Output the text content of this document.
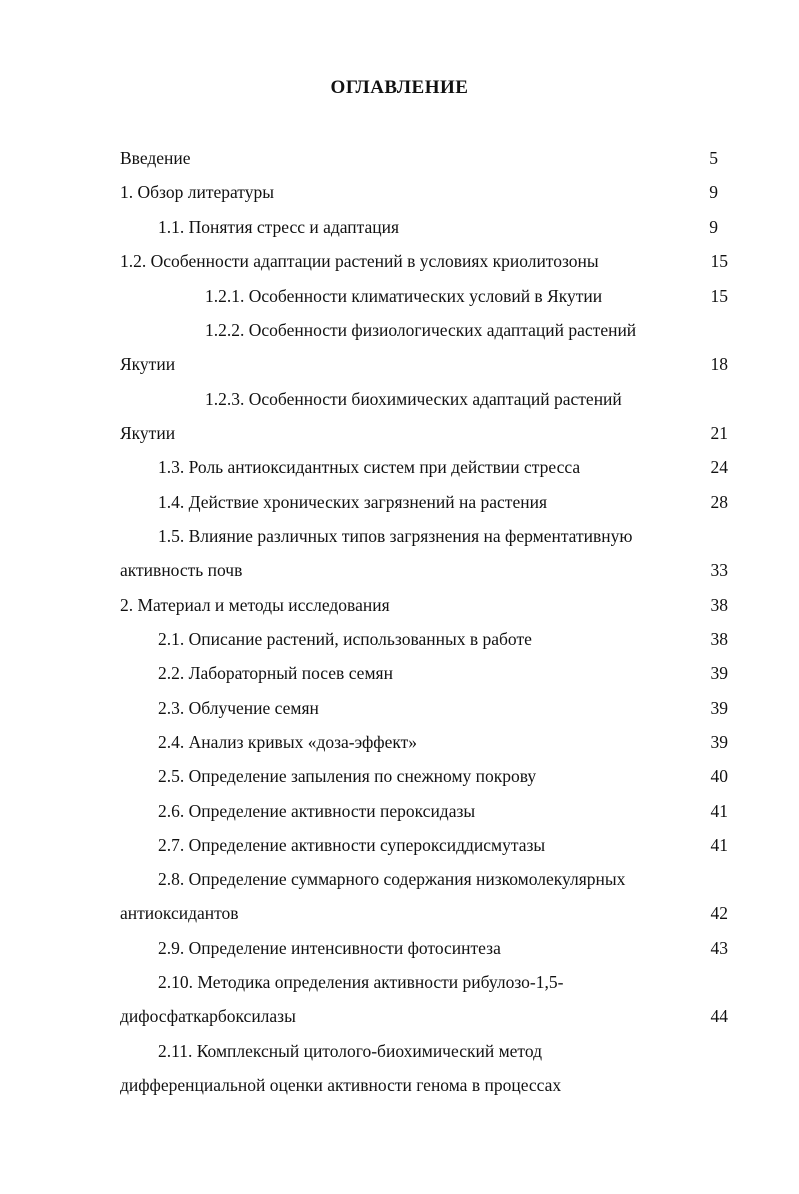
ОГЛАВЛЕНИЕ
Введение	5
1. Обзор литературы	9
1.1. Понятия стресс и адаптация	9
1.2. Особенности адаптации растений в условиях криолитозоны	15
1.2.1. Особенности климатических условий в Якутии	15
1.2.2. Особенности физиологических адаптаций растений
Якутии	18
1.2.3. Особенности биохимических адаптаций растений
Якутии	21
1.3. Роль антиоксидантных систем при действии стресса	24
1.4. Действие хронических загрязнений на растения	28
1.5. Влияние различных типов загрязнения на ферментативную
активность почв	33
2. Материал и методы исследования	38
2.1. Описание растений, использованных в работе	38
2.2. Лабораторный посев семян	39
2.3. Облучение семян	39
2.4. Анализ кривых «доза-эффект»	39
2.5. Определение запыления по снежному покрову	40
2.6. Определение активности пероксидазы	41
2.7. Определение активности супероксиддисмутазы	41
2.8. Определение суммарного содержания низкомолекулярных
антиоксидантов	42
2.9. Определение интенсивности фотосинтеза	43
2.10. Методика определения активности рибулозо-1,5-
дифосфаткарбоксилазы	44
2.11. Комплексный цитолого-биохимический метод
дифференциальной оценки активности генома в процессах
